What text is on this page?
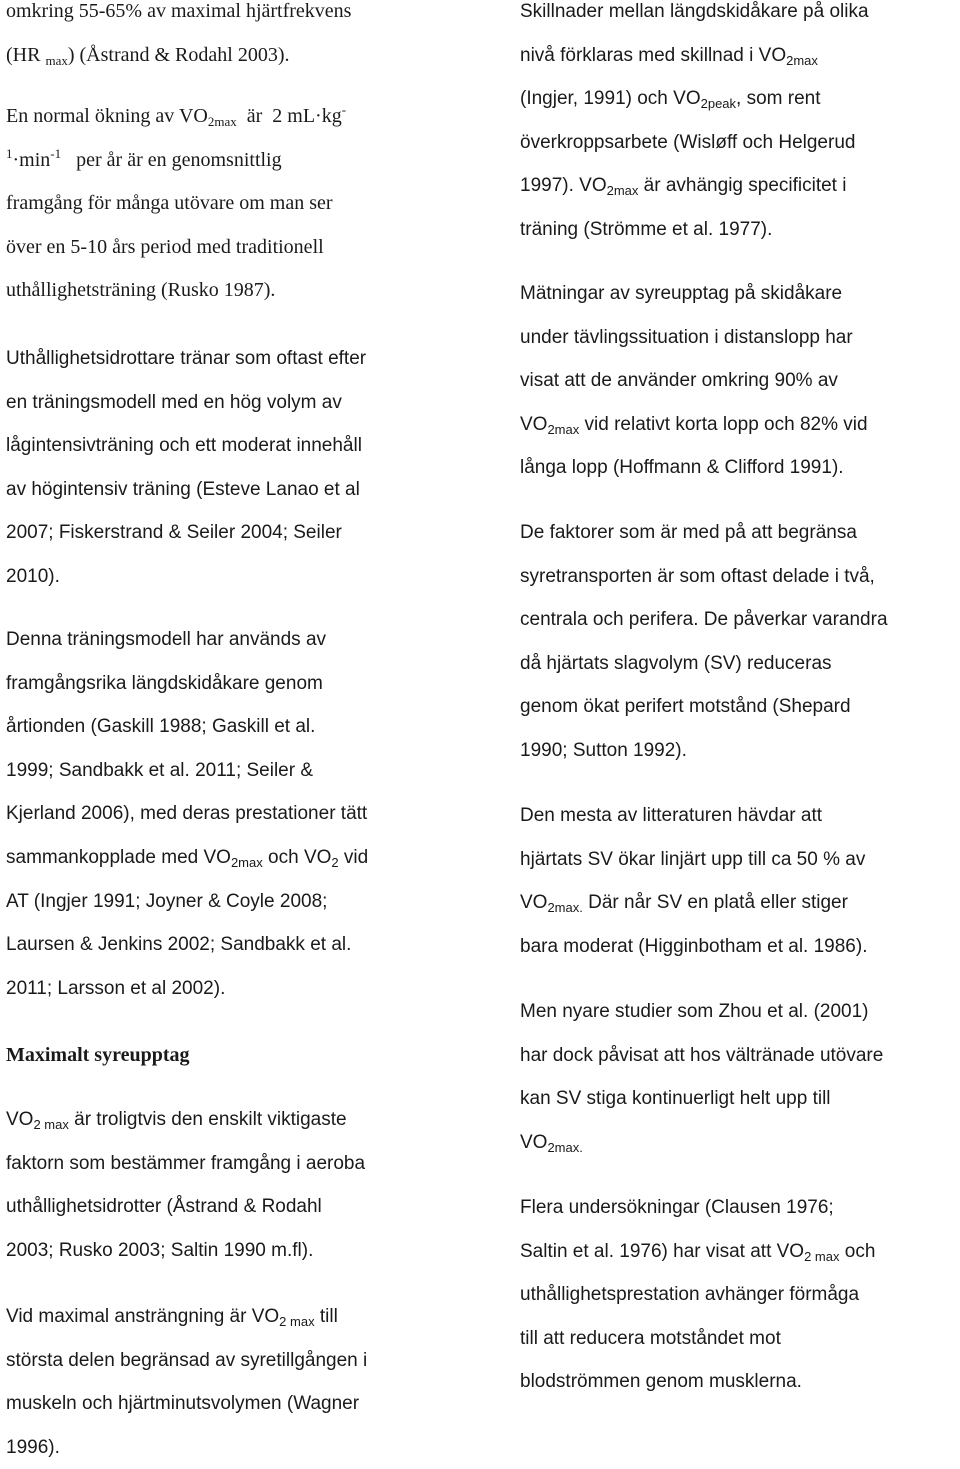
omkring 55-65% av maximal hjärtfrekvens

(HR $_{max}$) (Åstrand & Rodahl 2003).

En normal ökning av $VO_{2max}$  är  2 mL·kg-

$^1\cdot\min^{-1}$   per år är en genomsnittlig

framgång för många utövare om man ser

över en 5-10 års period med traditionell

uthållighetsträning (Rusko 1987).

Uthållighetsidrottare tränar som oftast efter

en träningsmodell med en hög volym av

lågintensivträning och ett moderat innehåll

av högintensiv träning (Esteve Lanao et al

2007; Fiskerstrand & Seiler 2004; Seiler

2010).

Denna träningsmodell har används av

framgångsrika längdskidåkare genom

årtionden (Gaskill 1988; Gaskill et al.

1999; Sandbakk et al. 2011; Seiler &

Kjerland 2006), med deras prestationer tätt

sammankopplade med $VO_{2max}$ och $VO_2$ vid

AT (Ingjer 1991; Joyner & Coyle 2008;

Laursen & Jenkins 2002; Sandbakk et al.

2011; Larsson et al 2002).

Maximalt syreupptag

$VO_{2 max}$ är troligtvis den enskilt viktigaste

faktorn som bestämmer framgång i aeroba

uthållighetsidrotter (Åstrand & Rodahl

2003; Rusko 2003; Saltin 1990 m.fl).

Vid maximal ansträngning är $VO_{2 max}$ till

största delen begränsad av syretillgången i

muskeln och hjärtminutsvolymen (Wagner

1996).

Skillnader mellan längdskidåkare på olika

nivå förklaras med skillnad i $VO_{2max}$

(Ingjer, 1991) och $VO_{2peak}$, som rent

överkroppsarbete (Wisløff och Helgerud

1997). $VO_{2max}$ är avhängig specificitet i

träning (Strömme et al. 1977).

Mätningar av syreupptag på skidåkare

under tävlingssituation i distanslopp har

visat att de använder omkring 90% av

$VO_{2max}$ vid relativt korta lopp och 82% vid

långa lopp (Hoffmann & Clifford 1991).

De faktorer som är med på att begränsa

syretransporten är som oftast delade i två,

centrala och perifera. De påverkar varandra

då hjärtats slagvolym (SV) reduceras

genom ökat perifert motstånd (Shepard

1990; Sutton 1992).

Den mesta av litteraturen hävdar att

hjärtats SV ökar linjärt upp till ca 50 % av

$VO_{2max.}$ Där når SV en platå eller stiger

bara moderat (Higginbotham et al. 1986).

Men nyare studier som Zhou et al. (2001)

har dock påvisat att hos vältränade utövare

kan SV stiga kontinuerligt helt upp till

$VO_{2max.}$

Flera undersökningar (Clausen 1976;

Saltin et al. 1976) har visat att $VO_{2 max}$ och

uthållighetsprestation avhänger förmåga

till att reducera motståndet mot

blodströmmen genom musklerna.
